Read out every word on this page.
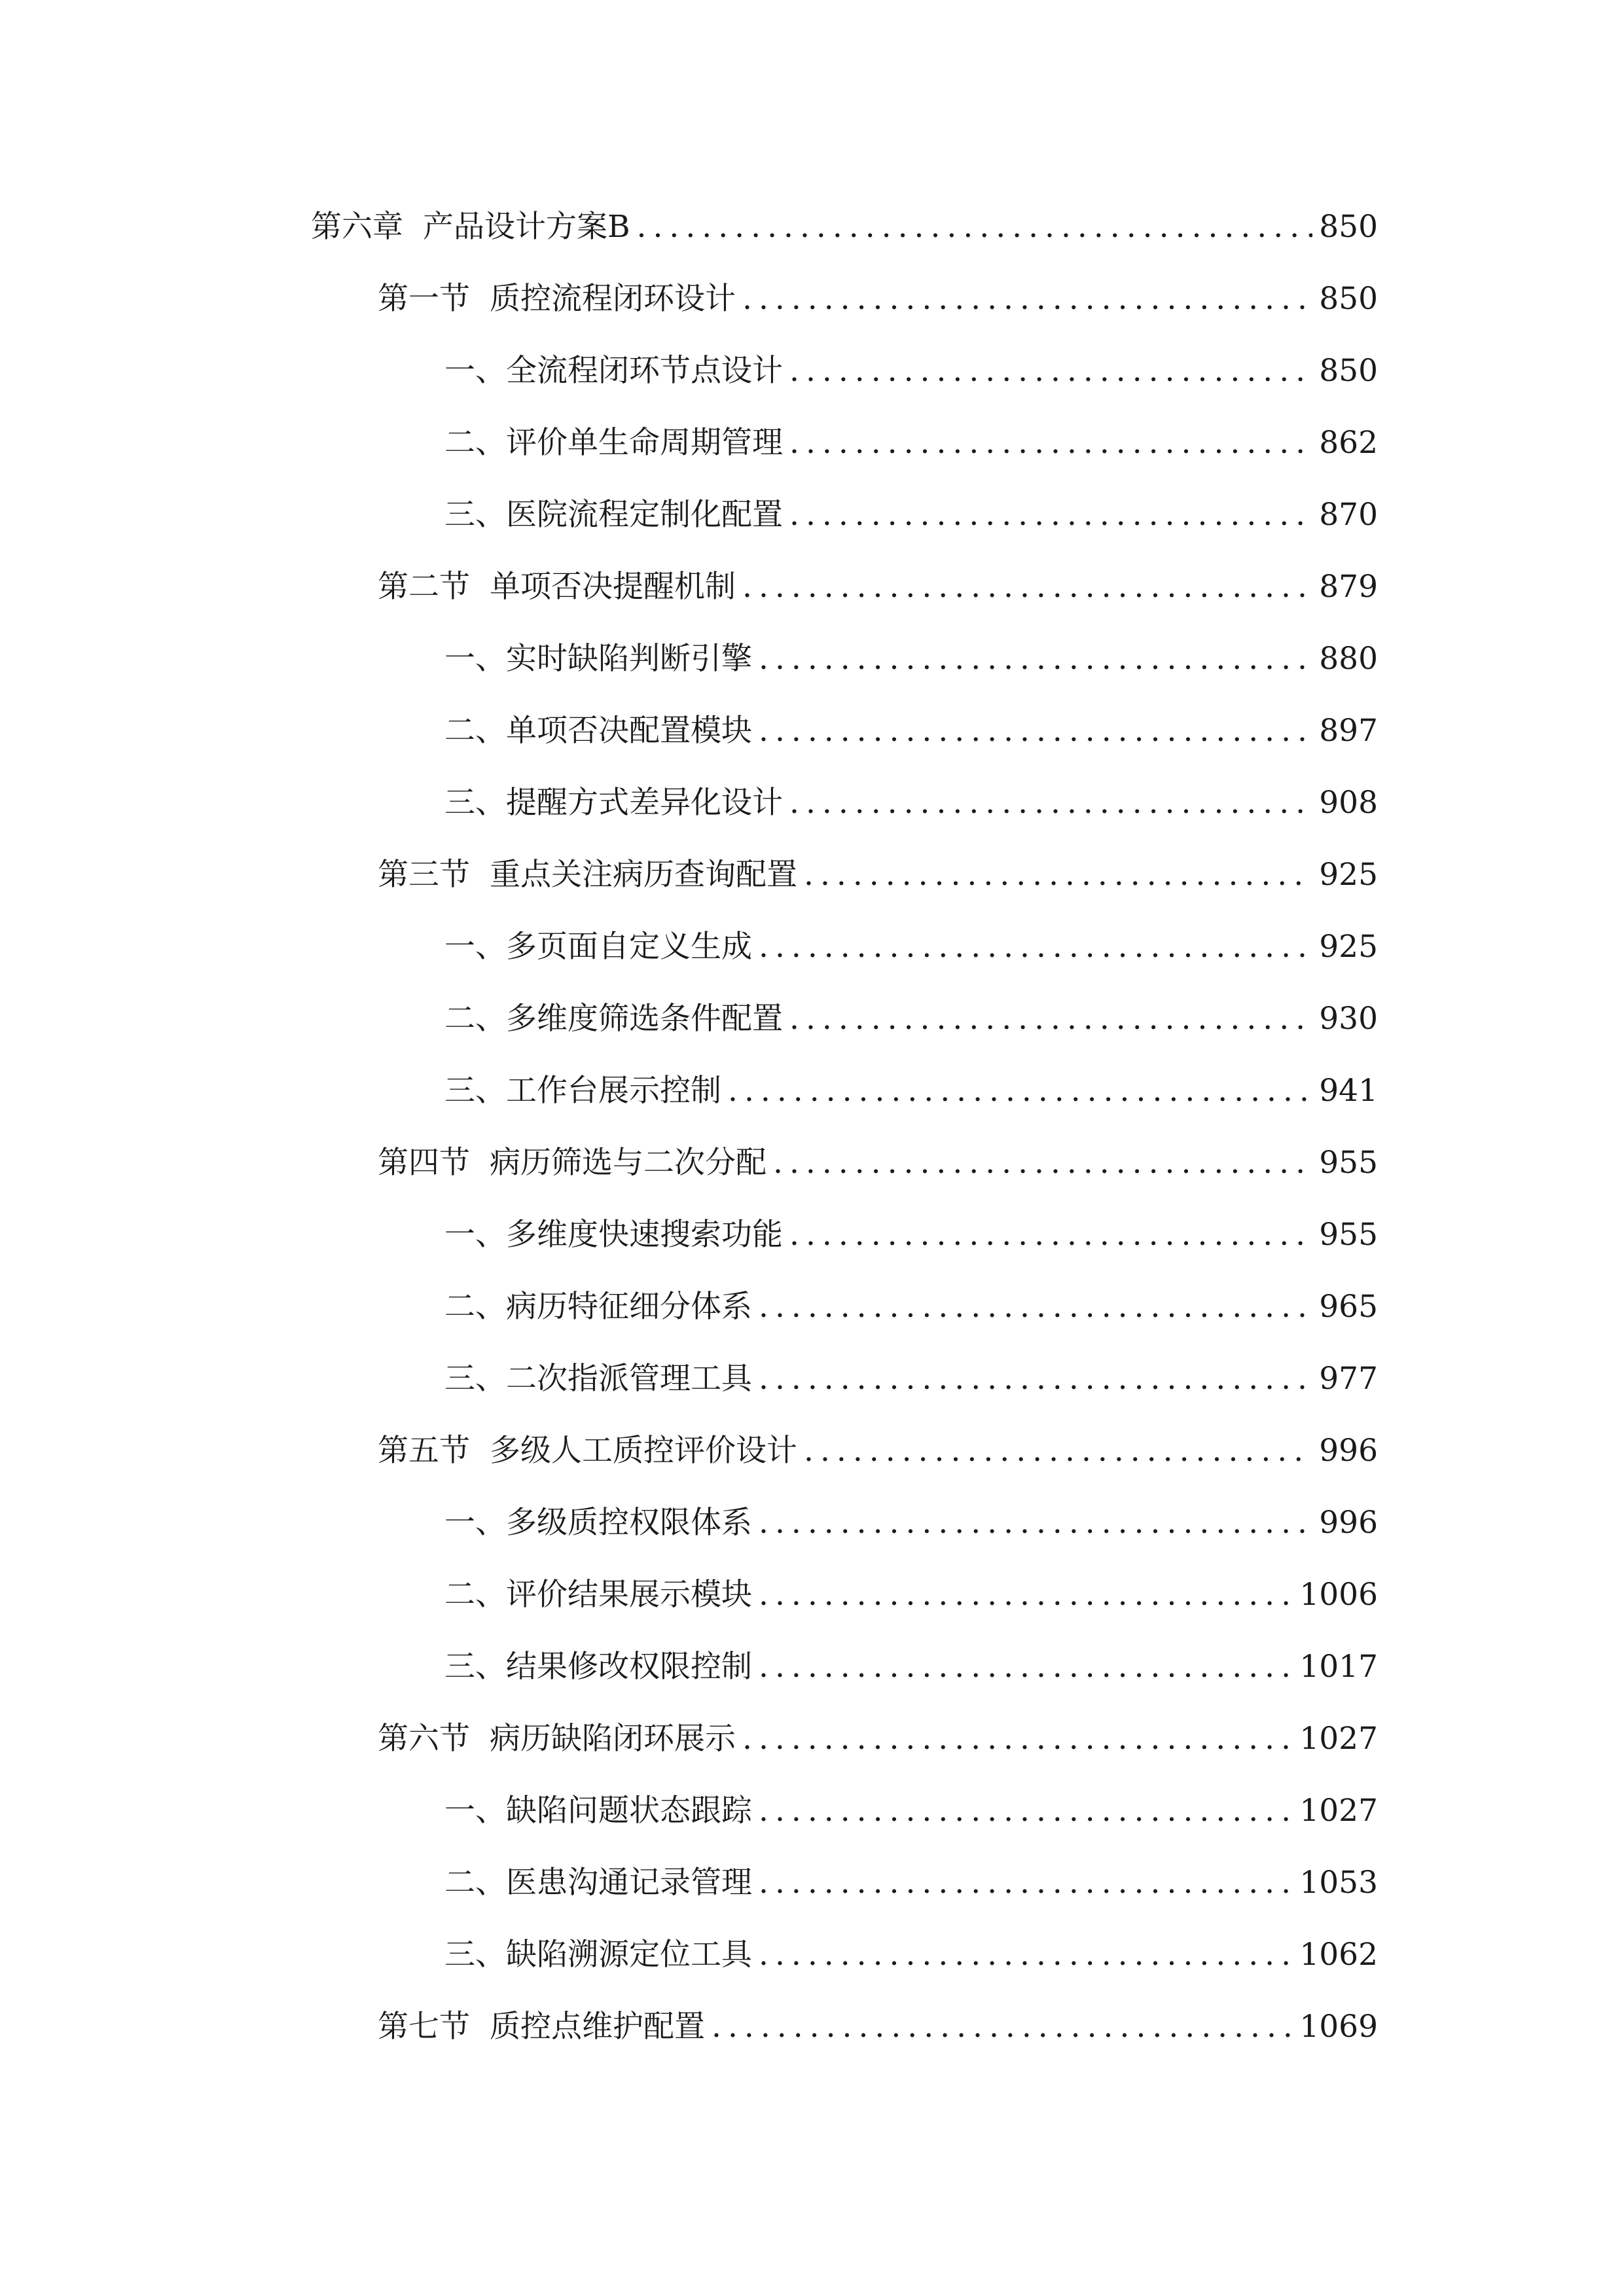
第六章 产品设计方案B .....	850
第一节 质控流程闭环设计 .....	850
一、 全流程闭环节点设计 .....	850
二、 评价单生命周期管理 .....	862
三、 医院流程定制化配置 .....	870
第二节 单项否决提醒机制 .....	879
一、 实时缺陷判断引擎 .....	880
二、 单项否决配置模块 .....	897
三、 提醒方式差异化设计 .....	908
第三节 重点关注病历查询配置 .....	925
一、 多页面自定义生成 .....	925
二、 多维度筛选条件配置 .....	930
三、 工作台展示控制 .....	941
第四节 病历筛选与二次分配 .....	955
一、 多维度快速搜索功能 .....	955
二、 病历特征细分体系 .....	965
三、 二次指派管理工具 .....	977
第五节 多级人工质控评价设计 .....	996
一、 多级质控权限体系 .....	996
二、 评价结果展示模块 .....	1006
三、 结果修改权限控制 .....	1017
第六节 病历缺陷闭环展示 .....	1027
一、 缺陷问题状态跟踪 .....	1027
二、 医患沟通记录管理 .....	1053
三、 缺陷溯源定位工具 .....	1062
第七节 质控点维护配置 .....	1069
